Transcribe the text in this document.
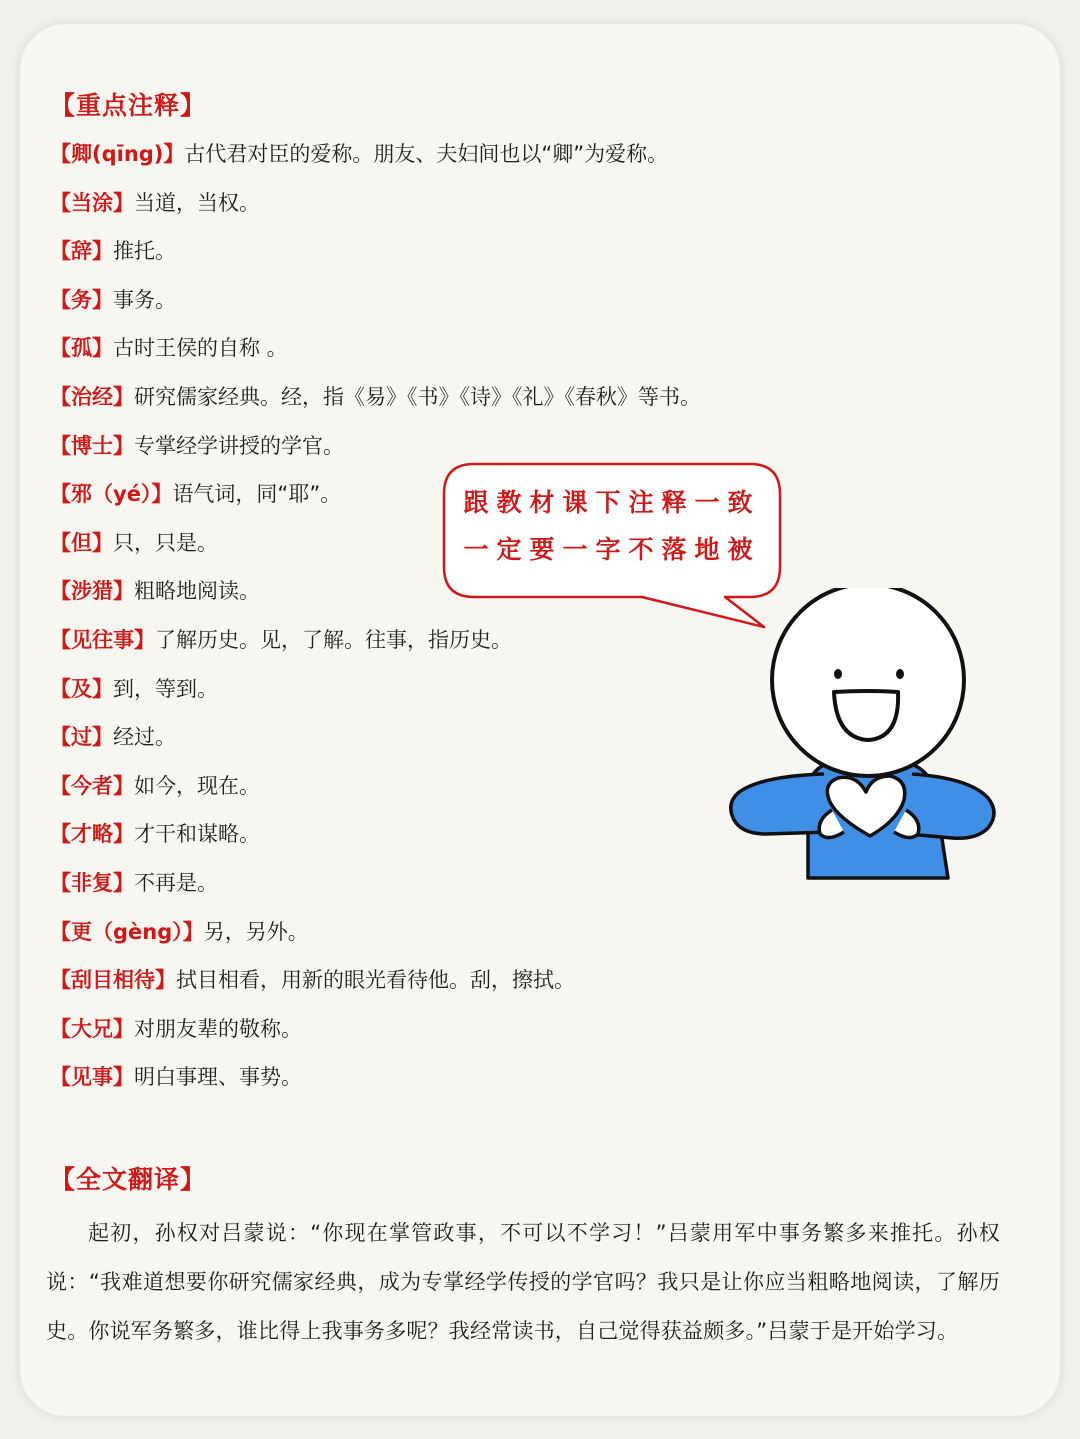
【重点注释】
【卿(qīng)】古代君对臣的爱称。朋友、夫妇间也以“卿”为爱称。
【当涂】当道，当权。
【辞】推托。
【务】事务。
【孤】古时王侯的自称 。
【治经】研究儒家经典。经，指《易》《书》《诗》《礼》《春秋》等书。
【博士】专掌经学讲授的学官。
【邪（yé）】语气词，同“耶”。
【但】只，只是。
【涉猎】粗略地阅读。
【见往事】了解历史。见，了解。往事，指历史。
【及】到，等到。
【过】经过。
【今者】如今，现在。
【才略】才干和谋略。
【非复】不再是。
【更（gèng）】另，另外。
【刮目相待】拭目相看，用新的眼光看待他。刮，擦拭。
【大兄】对朋友辈的敬称。
【见事】明白事理、事势。
跟教材课下注释一致
一定要一字不落地被
【全文翻译】

起初，孙权对吕蒙说：“你现在掌管政事，不可以不学习！”吕蒙用军中事务繁多来推托。孙权说：“我难道想要你研究儒家经典，成为专掌经学传授的学官吗？我只是让你应当粗略地阅读，了解历史。你说军务繁多，谁比得上我事务多呢？我经常读书，自己觉得获益颇多。”吕蒙于是开始学习。
